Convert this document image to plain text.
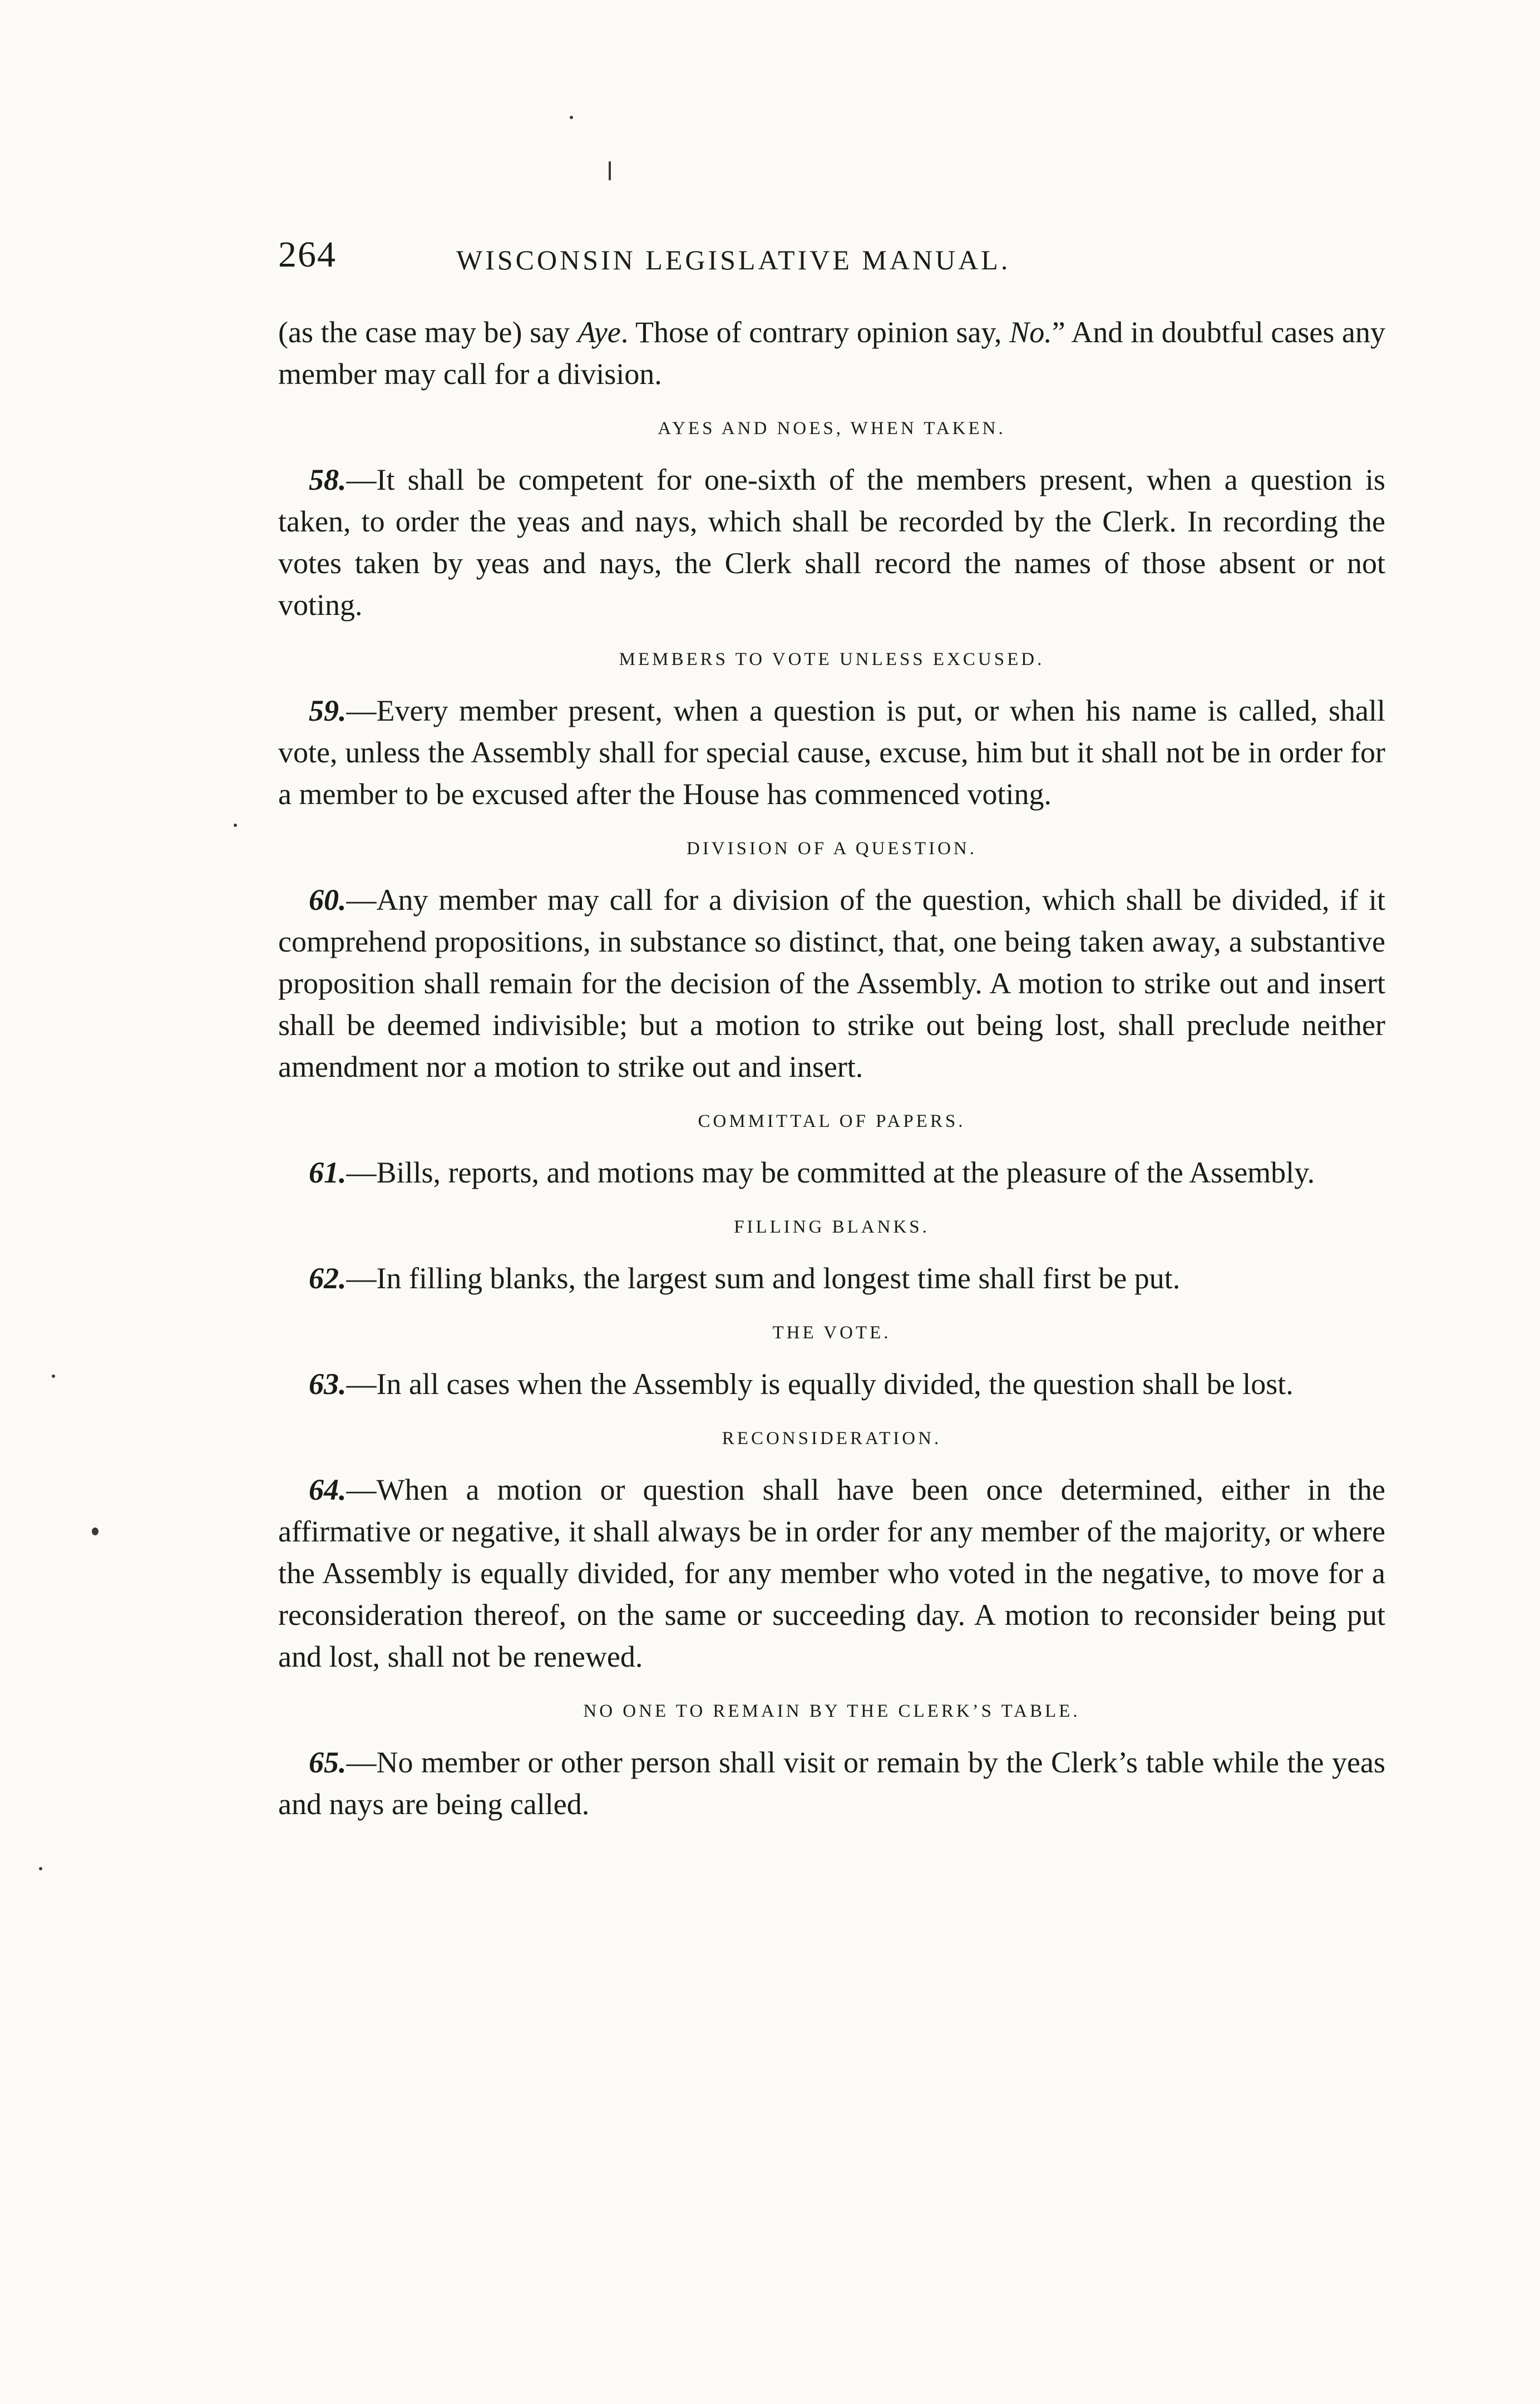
264	WISCONSIN LEGISLATIVE MANUAL.

(as the case may be) say Aye. Those of contrary opinion say, No.” And in doubtful cases any member may call for a division.

AYES AND NOES, WHEN TAKEN.

58.—It shall be competent for one-sixth of the members present, when a question is taken, to order the yeas and nays, which shall be recorded by the Clerk. In recording the votes taken by yeas and nays, the Clerk shall record the names of those absent or not voting.

MEMBERS TO VOTE UNLESS EXCUSED.

59.—Every member present, when a question is put, or when his name is called, shall vote, unless the Assembly shall for special cause, excuse, him but it shall not be in order for a member to be excused after the House has commenced voting.

DIVISION OF A QUESTION.

60.—Any member may call for a division of the question, which shall be divided, if it comprehend propositions, in substance so distinct, that, one being taken away, a substantive proposition shall remain for the decision of the Assembly. A motion to strike out and insert shall be deemed indivisible; but a motion to strike out being lost, shall preclude neither amendment nor a motion to strike out and insert.

COMMITTAL OF PAPERS.

61.—Bills, reports, and motions may be committed at the pleasure of the Assembly.

FILLING BLANKS.

62.—In filling blanks, the largest sum and longest time shall first be put.

THE VOTE.

63.—In all cases when the Assembly is equally divided, the question shall be lost.

RECONSIDERATION.

64.—When a motion or question shall have been once determined, either in the affirmative or negative, it shall always be in order for any member of the majority, or where the Assembly is equally divided, for any member who voted in the negative, to move for a reconsideration thereof, on the same or succeeding day. A motion to reconsider being put and lost, shall not be renewed.

NO ONE TO REMAIN BY THE CLERK’S TABLE.

65.—No member or other person shall visit or remain by the Clerk’s table while the yeas and nays are being called.
